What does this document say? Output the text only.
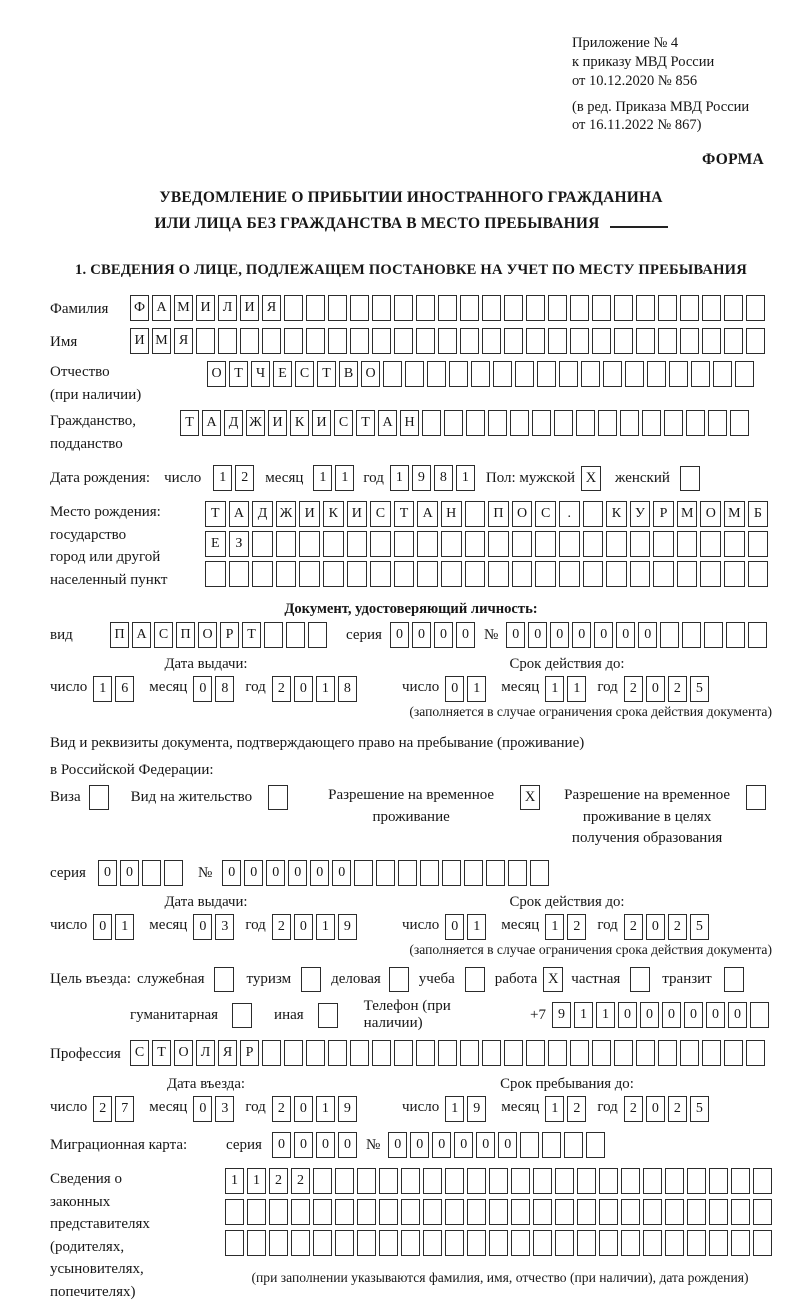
Приложение № 4
к приказу МВД России
от 10.12.2020 № 856
(в ред. Приказа МВД России
от 16.11.2022 № 867)
ФОРМА
УВЕДОМЛЕНИЕ О ПРИБЫТИИ ИНОСТРАННОГО ГРАЖДАНИНА
ИЛИ ЛИЦА БЕЗ ГРАЖДАНСТВА В МЕСТО ПРЕБЫВАНИЯ
1. СВЕДЕНИЯ О ЛИЦЕ, ПОДЛЕЖАЩЕМ ПОСТАНОВКЕ НА УЧЕТ ПО МЕСТУ ПРЕБЫВАНИЯ
Фамилия	Ф А М И Л И Я
Имя	И М Я
Отчество
(при наличии)
О Т Ч Е С Т В О
Гражданство,
подданство
Т А Д Ж И К И С Т А Н
Дата рождения: число	1	2	месяц	1	1	год 1	9	8	1	Пол: мужской X	женский
Место рождения:
государство
город или другой
населенный пункт
Т	А Д Ж И К И С	Т	А Н	П О С	.	К У	Р М О М Б
Е	З
Документ, удостоверяющий личность:
вид	П А С П О Р Т	серия	0	0	0	0	№	0	0	0	0	0	0	0
Дата выдачи:
число 1	6	месяц 0	8	год 2	0	1	8
Срок действия до:
число 0	1	месяц 1	1	год 2	0	2	5
(заполняется в случае ограничения срока действия документа)
Вид и реквизиты документа, подтверждающего право на пребывание (проживание)
в Российской Федерации:
Виза	Вид на жительство	Разрешение на временное проживание
X	Разрешение на временное проживание в целях получения образования
серия	0	0	№	0	0	0	0	0	0
Дата выдачи:
число 0	1	месяц 0	3	год 2	0	1	9
Срок действия до:
число 0	1	месяц 1	2	год 2	0	2	5
(заполняется в случае ограничения срока действия документа)
Цель въезда: служебная	туризм	деловая	учеба	работа X частная	транзит
гуманитарная	иная
Телефон (при наличии)
+7 9	1	1	0	0	0	0	0	0
Профессия	С Т О Л Я Р
Дата въезда:
число 2	7	месяц 0	3	год 2	0	1	9
Срок пребывания до:
число 1	9	месяц 1	2	год 2	0	2	5
Миграционная карта:	серия	0	0	0	0	№	0	0	0	0	0	0
Сведения о
законных
представителях
(родителях,
усыновителях,
попечителях)
1	1	2	2
(при заполнении указываются фамилия, имя, отчество (при наличии), дата рождения)
